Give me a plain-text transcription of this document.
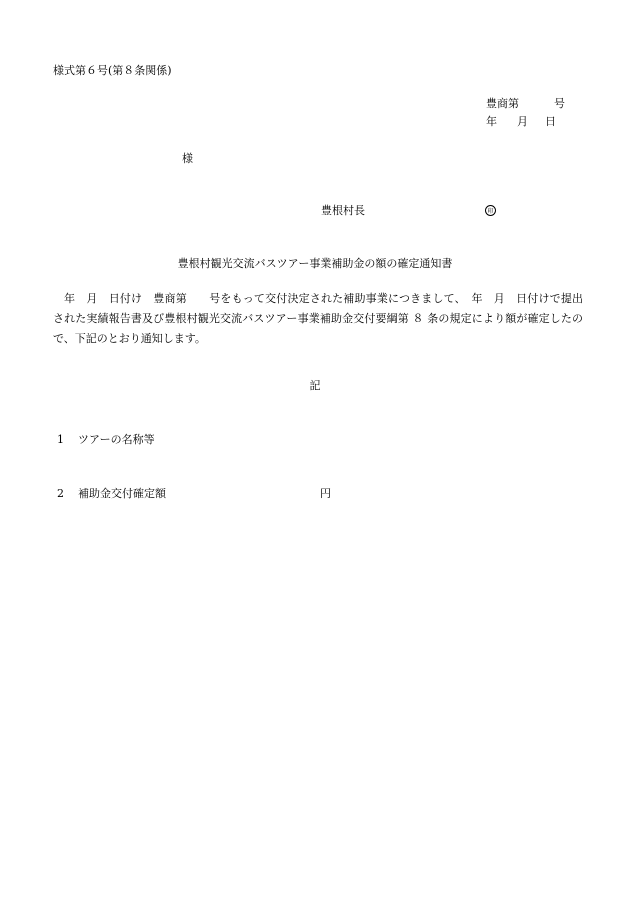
様式第６号(第８条関係)
豊商第	号
年 月 日
様
豊根村長	印
豊根村観光交流バスツアー事業補助金の額の確定通知書
年　月　日付け　豊商第　　号をもって交付決定された補助事業につきまして、　年　月　日付けで提出された実績報告書及び豊根村観光交流バスツアー事業補助金交付要綱第 ８ 条の規定により額が確定したので、下記のとおり通知します。
記
1 ツアーの名称等
2 補助金交付確定額	円
